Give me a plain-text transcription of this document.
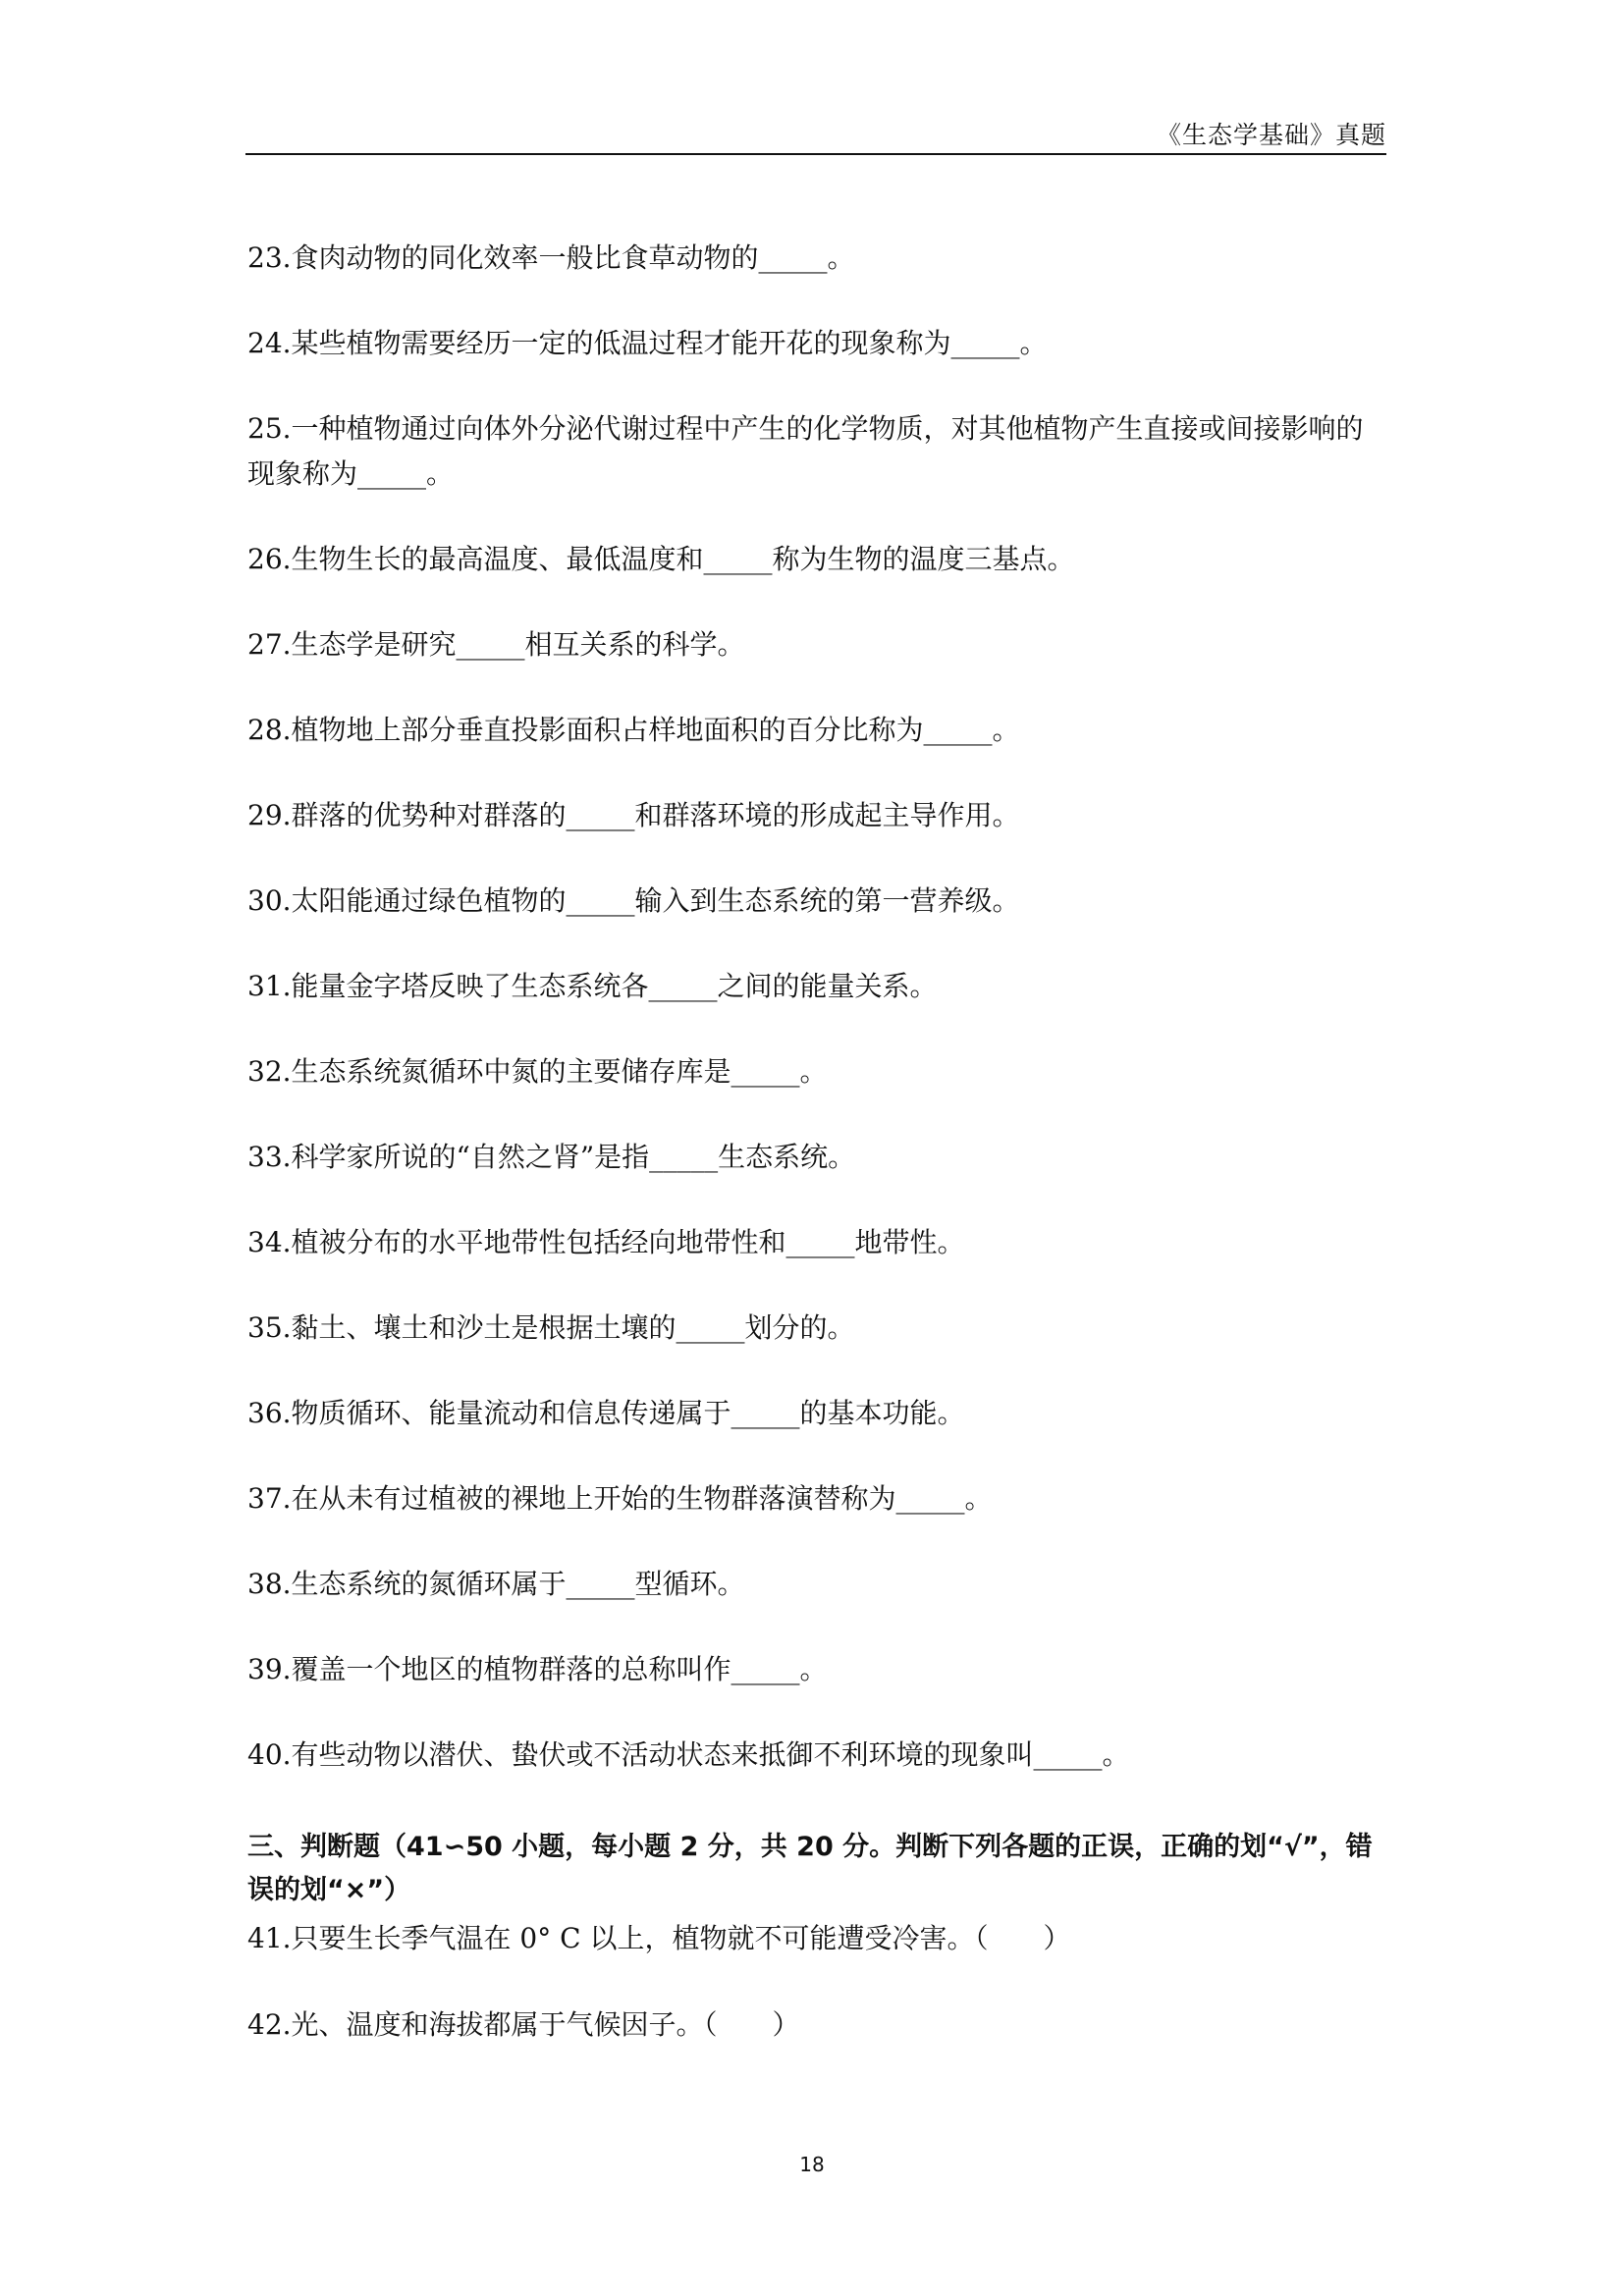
《生态学基础》真题

23.食肉动物的同化效率一般比食草动物的_____。

24.某些植物需要经历一定的低温过程才能开花的现象称为_____。

25.一种植物通过向体外分泌代谢过程中产生的化学物质，对其他植物产生直接或间接影响的现象称为_____。

26.生物生长的最高温度、最低温度和_____称为生物的温度三基点。

27.生态学是研究_____相互关系的科学。

28.植物地上部分垂直投影面积占样地面积的百分比称为_____。

29.群落的优势种对群落的_____和群落环境的形成起主导作用。

30.太阳能通过绿色植物的_____输入到生态系统的第一营养级。

31.能量金字塔反映了生态系统各_____之间的能量关系。

32.生态系统氮循环中氮的主要储存库是_____。

33.科学家所说的“自然之肾”是指_____生态系统。

34.植被分布的水平地带性包括经向地带性和_____地带性。

35.黏土、壤土和沙土是根据土壤的_____划分的。

36.物质循环、能量流动和信息传递属于_____的基本功能。

37.在从未有过植被的裸地上开始的生物群落演替称为_____。

38.生态系统的氮循环属于_____型循环。

39.覆盖一个地区的植物群落的总称叫作_____。

40.有些动物以潜伏、蛰伏或不活动状态来抵御不利环境的现象叫_____。

三、判断题（41∽50 小题，每小题 2 分，共 20 分。判断下列各题的正误，正确的划“√”，错误的划“×”）
41.只要生长季气温在 0° C 以上，植物就不可能遭受冷害。（　　）
42.光、温度和海拔都属于气候因子。（　　）
18
